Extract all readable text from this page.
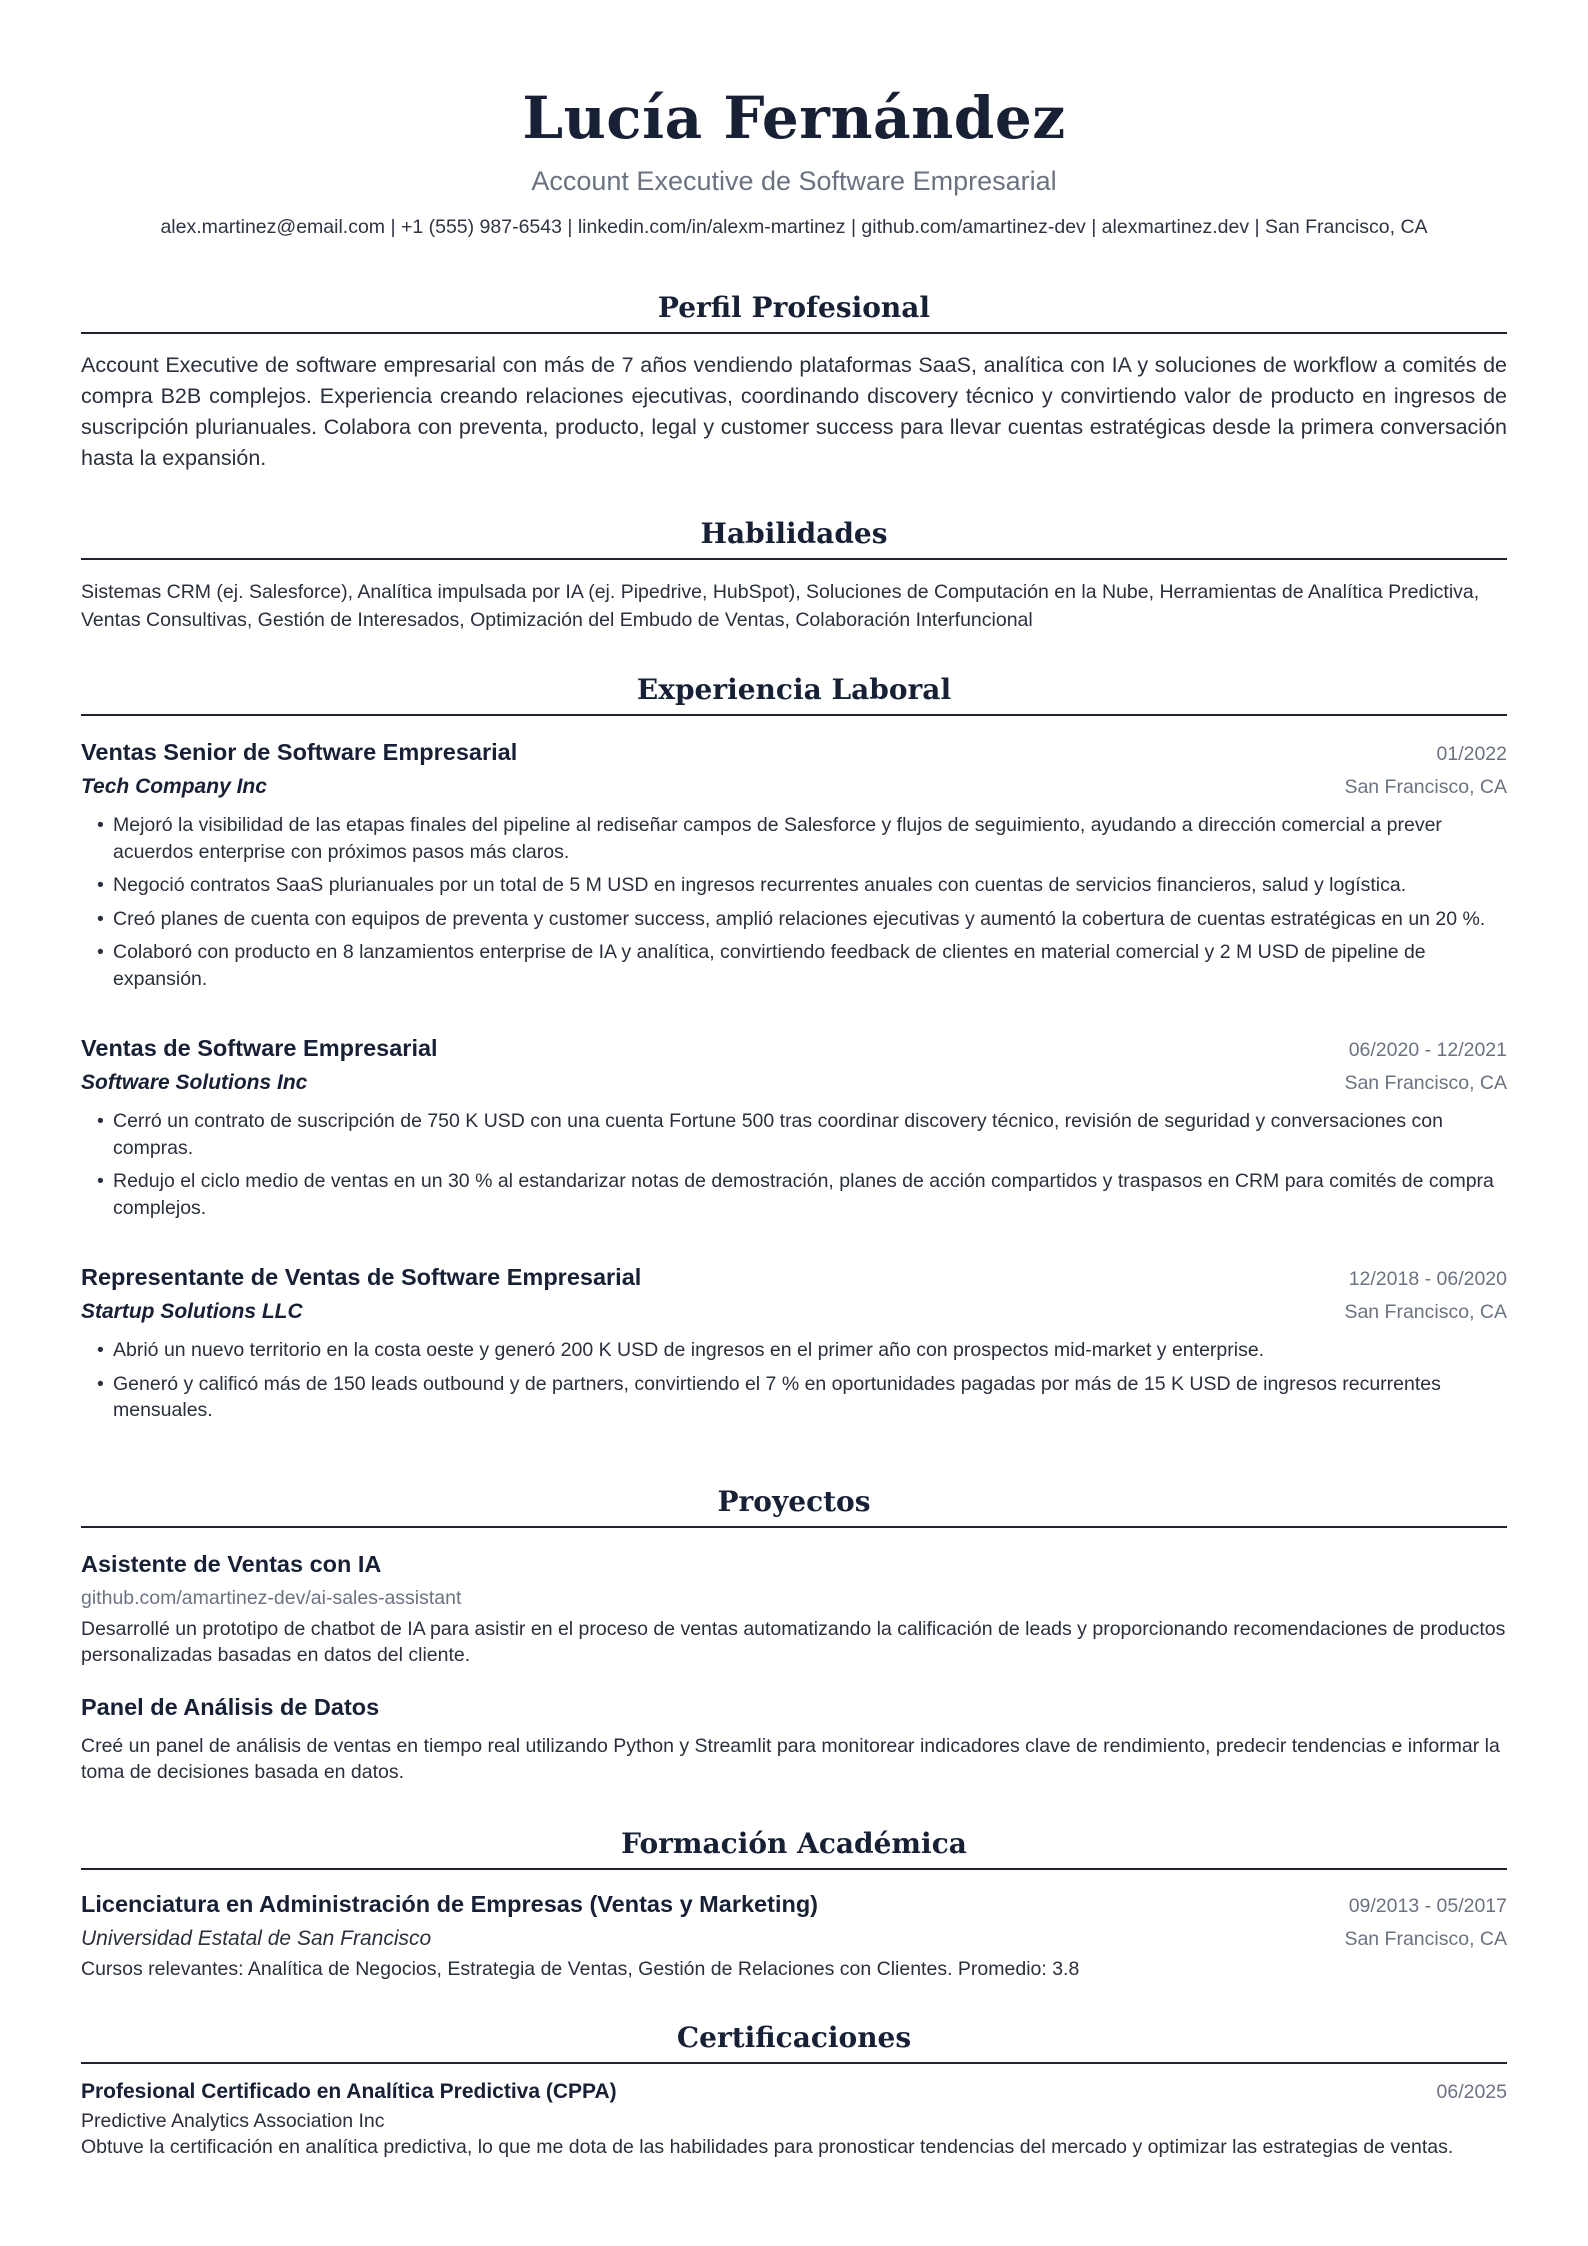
Lucía Fernández
Account Executive de Software Empresarial
alex.martinez@email.com | +1 (555) 987-6543 | linkedin.com/in/alexm-martinez | github.com/amartinez-dev | alexmartinez.dev | San Francisco, CA
Perfil Profesional
Account Executive de software empresarial con más de 7 años vendiendo plataformas SaaS, analítica con IA y soluciones de workflow a comités de compra B2B complejos. Experiencia creando relaciones ejecutivas, coordinando discovery técnico y convirtiendo valor de producto en ingresos de suscripción plurianuales. Colabora con preventa, producto, legal y customer success para llevar cuentas estratégicas desde la primera conversación hasta la expansión.
Habilidades
Sistemas CRM (ej. Salesforce), Analítica impulsada por IA (ej. Pipedrive, HubSpot), Soluciones de Computación en la Nube, Herramientas de Analítica Predictiva, Ventas Consultivas, Gestión de Interesados, Optimización del Embudo de Ventas, Colaboración Interfuncional
Experiencia Laboral
Ventas Senior de Software Empresarial	01/2022
Tech Company Inc	San Francisco, CA
• Mejoró la visibilidad de las etapas finales del pipeline al rediseñar campos de Salesforce y flujos de seguimiento, ayudando a dirección comercial a prever acuerdos enterprise con próximos pasos más claros.
• Negoció contratos SaaS plurianuales por un total de 5 M USD en ingresos recurrentes anuales con cuentas de servicios financieros, salud y logística.
• Creó planes de cuenta con equipos de preventa y customer success, amplió relaciones ejecutivas y aumentó la cobertura de cuentas estratégicas en un 20 %.
• Colaboró con producto en 8 lanzamientos enterprise de IA y analítica, convirtiendo feedback de clientes en material comercial y 2 M USD de pipeline de expansión.
Ventas de Software Empresarial	06/2020 - 12/2021
Software Solutions Inc	San Francisco, CA
• Cerró un contrato de suscripción de 750 K USD con una cuenta Fortune 500 tras coordinar discovery técnico, revisión de seguridad y conversaciones con compras.
• Redujo el ciclo medio de ventas en un 30 % al estandarizar notas de demostración, planes de acción compartidos y traspasos en CRM para comités de compra complejos.
Representante de Ventas de Software Empresarial	12/2018 - 06/2020
Startup Solutions LLC	San Francisco, CA
• Abrió un nuevo territorio en la costa oeste y generó 200 K USD de ingresos en el primer año con prospectos mid-market y enterprise.
• Generó y calificó más de 150 leads outbound y de partners, convirtiendo el 7 % en oportunidades pagadas por más de 15 K USD de ingresos recurrentes mensuales.
Proyectos
Asistente de Ventas con IA
github.com/amartinez-dev/ai-sales-assistant
Desarrollé un prototipo de chatbot de IA para asistir en el proceso de ventas automatizando la calificación de leads y proporcionando recomendaciones de productos personalizadas basadas en datos del cliente.
Panel de Análisis de Datos
Creé un panel de análisis de ventas en tiempo real utilizando Python y Streamlit para monitorear indicadores clave de rendimiento, predecir tendencias e informar la toma de decisiones basada en datos.
Formación Académica
Licenciatura en Administración de Empresas (Ventas y Marketing)	09/2013 - 05/2017
Universidad Estatal de San Francisco	San Francisco, CA
Cursos relevantes: Analítica de Negocios, Estrategia de Ventas, Gestión de Relaciones con Clientes. Promedio: 3.8
Certificaciones
Profesional Certificado en Analítica Predictiva (CPPA)	06/2025
Predictive Analytics Association Inc
Obtuve la certificación en analítica predictiva, lo que me dota de las habilidades para pronosticar tendencias del mercado y optimizar las estrategias de ventas.
